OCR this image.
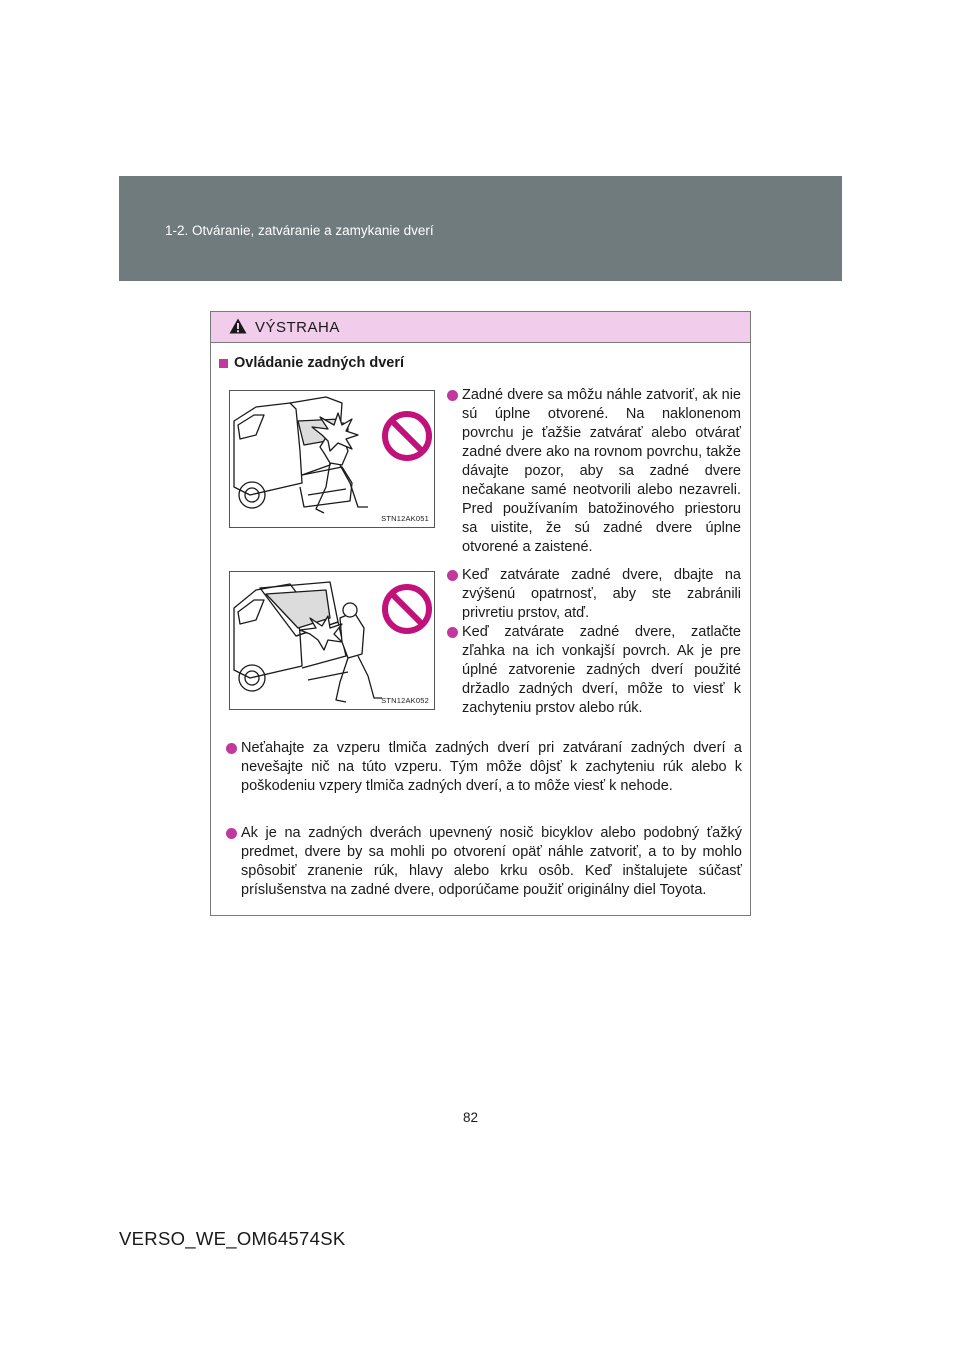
1-2. Otváranie, zatváranie a zamykanie dverí
VÝSTRAHA
Ovládanie zadných dverí
STN12AK051
STN12AK052
Zadné dvere sa môžu náhle zatvoriť, ak nie sú úplne otvorené. Na naklonenom povrchu je ťažšie zatvárať alebo otvárať zadné dvere ako na rovnom povrchu, takže dávajte pozor, aby sa zadné dvere nečakane samé neotvorili alebo nezavreli. Pred používaním batožinového priestoru sa uistite, že sú zadné dvere úplne otvorené a zaistené.
Keď zatvárate zadné dvere, dbajte na zvýšenú opatrnosť, aby ste zabránili privretiu prstov, atď.
Keď zatvárate zadné dvere, zatlačte zľahka na ich vonkajší povrch. Ak je pre úplné zatvorenie zadných dverí použité držadlo zadných dverí, môže to viesť k zachyteniu prstov alebo rúk.
Neťahajte za vzperu tlmiča zadných dverí pri zatváraní zadných dverí a nevešajte nič na túto vzperu. Tým môže dôjsť k zachyteniu rúk alebo k poškodeniu vzpery tlmiča zadných dverí, a to môže viesť k nehode.
Ak je na zadných dverách upevnený nosič bicyklov alebo podobný ťažký predmet, dvere by sa mohli po otvorení opäť náhle zatvoriť, a to by mohlo spôsobiť zranenie rúk, hlavy alebo krku osôb. Keď inštalujete súčasť príslušenstva na zadné dvere, odporúčame použiť originálny diel Toyota.
82
VERSO_WE_OM64574SK
